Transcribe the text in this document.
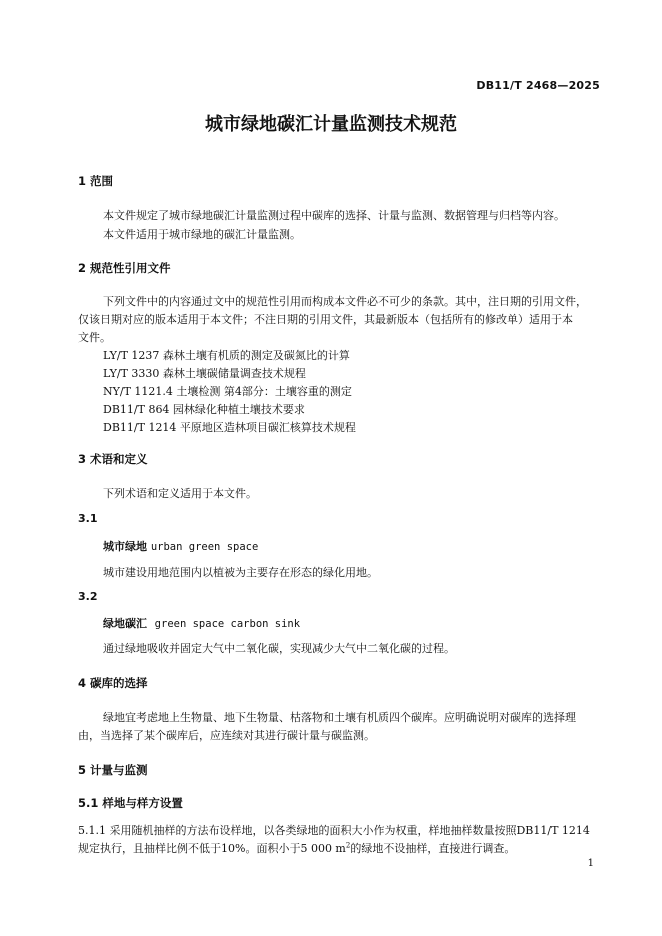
DB11/T 2468—2025
城市绿地碳汇计量监测技术规范
1 范围
本文件规定了城市绿地碳汇计量监测过程中碳库的选择、计量与监测、数据管理与归档等内容。
本文件适用于城市绿地的碳汇计量监测。
2 规范性引用文件
下列文件中的内容通过文中的规范性引用而构成本文件必不可少的条款。其中，注日期的引用文件，
仅该日期对应的版本适用于本文件；不注日期的引用文件，其最新版本（包括所有的修改单）适用于本
文件。
LY/T 1237 森林土壤有机质的测定及碳氮比的计算
LY/T 3330 森林土壤碳储量调查技术规程
NY/T 1121.4 土壤检测 第4部分：土壤容重的测定
DB11/T 864 园林绿化种植土壤技术要求
DB11/T 1214 平原地区造林项目碳汇核算技术规程
3 术语和定义
下列术语和定义适用于本文件。
3.1
城市绿地 urban green space
城市建设用地范围内以植被为主要存在形态的绿化用地。
3.2
绿地碳汇 green space carbon sink
通过绿地吸收并固定大气中二氧化碳，实现减少大气中二氧化碳的过程。
4 碳库的选择
绿地宜考虑地上生物量、地下生物量、枯落物和土壤有机质四个碳库。应明确说明对碳库的选择理
由，当选择了某个碳库后，应连续对其进行碳计量与碳监测。
5 计量与监测
5.1 样地与样方设置
5.1.1 采用随机抽样的方法布设样地，以各类绿地的面积大小作为权重，样地抽样数量按照DB11/T 1214
规定执行，且抽样比例不低于10%。面积小于5 000 $m^2$的绿地不设抽样，直接进行调查。
1
